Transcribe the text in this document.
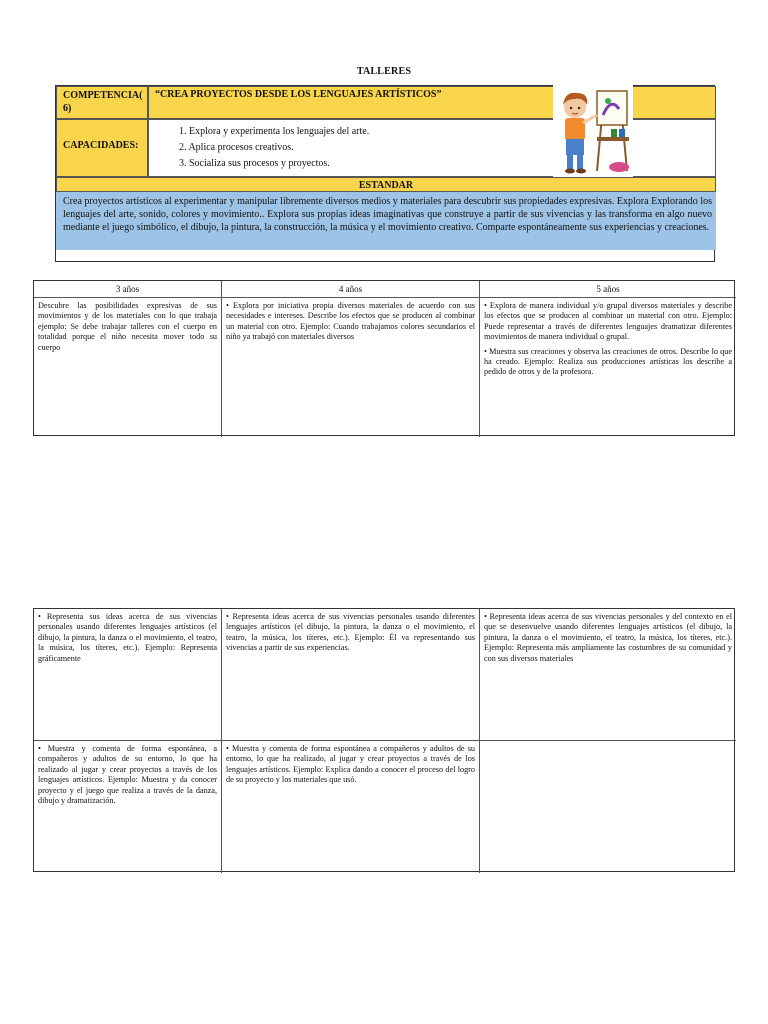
TALLERES
COMPETENCIA( 6)
“CREA PROYECTOS DESDE LOS LENGUAJES ARTÍSTICOS”
CAPACIDADES:
1. Explora y experimenta los lenguajes del arte.
2. Aplica procesos creativos.
3. Socializa sus procesos y proyectos.
ESTANDAR
Crea proyectos artísticos al experimentar y manipular libremente diversos medios y materiales para descubrir sus propiedades expresivas. Explora Explorando los lenguajes del arte, sonido, colores y movimiento.. Explora sus propias ideas imaginativas que construye a partir de sus vivencias y las transforma en algo nuevo mediante el juego simbólico, el dibujo, la pintura, la construcción, la música y el movimiento creativo. Comparte espontáneamente sus experiencias y creaciones.
3 años	4 años	5 años

Descubre las posibilidades expresivas de sus movimientos y de los materiales con lo que trabaja ejemplo: Se debe trabajar talleres con el cuerpo en totalidad porque el niño necesita mover todo su cuerpo

• Explora por iniciativa propia diversos materiales de acuerdo con sus necesidades e intereses. Describe los efectos que se producen al combinar un material con otro. Ejemplo: Cuando trabajamos colores secundarios el niño ya trabajó con materiales diversos

• Explora de manera individual y/o grupal diversos materiales y describe los efectos que se producen al combinar un material con otro. Ejemplo: Puede representar a través de diferentes lenguajes dramatizar diferentes movimientos de manera individual o grupal.

• Muestra sus creaciones y observa las creaciones de otros. Describe lo que ha creado. Ejemplo: Realiza sus producciones artísticas los describe a pedido de otros y de la profesora.

• Representa sus ideas acerca de sus vivencias personales usando diferentes lenguajes artísticos (el dibujo, la pintura, la danza o el movimiento, el teatro, la música, los títeres, etc.). Ejemplo: Representa gráficamente

• Representa ideas acerca de sus vivencias personales usando diferentes lenguajes artísticos (el dibujo, la pintura, la danza o el movimiento, el teatro, la música, los títeres, etc.). Ejemplo: Él va representando sus vivencias a partir de sus experiencias.

• Representa ideas acerca de sus vivencias personales y del contexto en el que se desenvuelve usando diferentes lenguajes artísticos (el dibujo, la pintura, la danza o el movimiento, el teatro, la música, los títeres, etc.). Ejemplo: Representa más ampliamente las costumbres de su comunidad y con sus diversos materiales

• Muestra y comenta de forma espontánea, a compañeros y adultos de su entorno, lo que ha realizado al jugar y crear proyectos a través de los lenguajes artísticos. Ejemplo: Muestra y da conocer proyecto y el juego que realiza a través de la danza, dibujo y dramatización.

• Muestra y comenta de forma espontánea a compañeros y adultos de su entorno, lo que ha realizado, al jugar y crear proyectos a través de los lenguajes artísticos. Ejemplo: Explica dando a conocer el proceso del logro de su proyecto y los materiales que usó.
